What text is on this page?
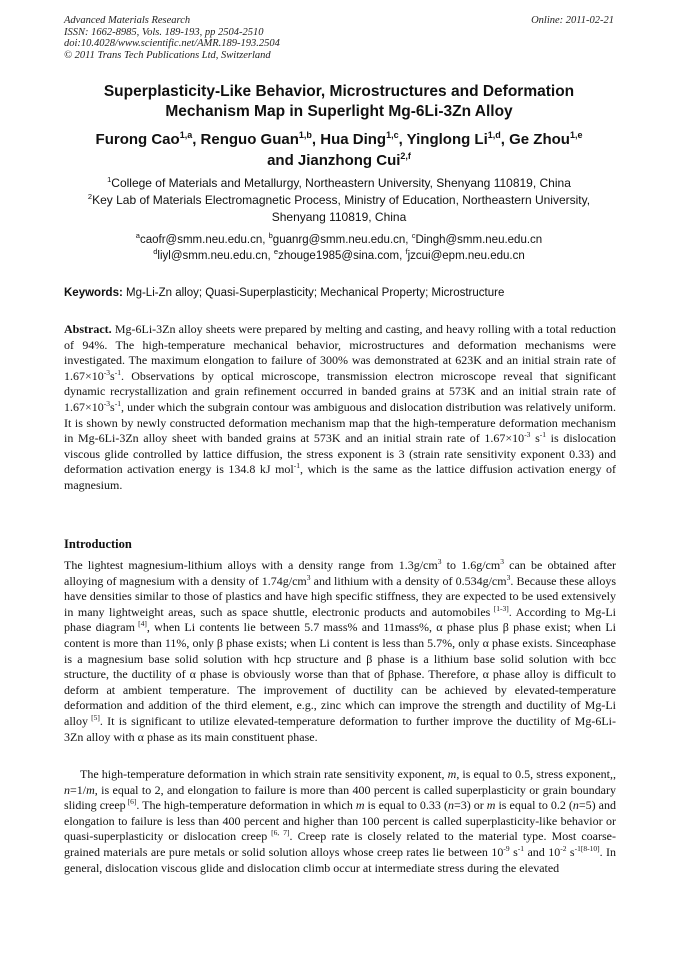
Advanced Materials Research
ISSN: 1662-8985, Vols. 189-193, pp 2504-2510
doi:10.4028/www.scientific.net/AMR.189-193.2504
© 2011 Trans Tech Publications Ltd, Switzerland
Online: 2011-02-21
Superplasticity-Like Behavior, Microstructures and Deformation
Mechanism Map in Superlight Mg-6Li-3Zn Alloy
Furong Cao$^{1,a}$, Renguo Guan$^{1,b}$, Hua Ding$^{1,c}$, Yinglong Li$^{1,d}$, Ge Zhou$^{1,e}$
and Jianzhong Cui$^{2,f}$
$^1$College of Materials and Metallurgy, Northeastern University, Shenyang 110819, China
$^2$Key Lab of Materials Electromagnetic Process, Ministry of Education, Northeastern University,
Shenyang 110819, China
$^a$caofr@smm.neu.edu.cn, $^b$guanrg@smm.neu.edu.cn, $^c$Dingh@smm.neu.edu.cn
$^d$liyl@smm.neu.edu.cn, $^e$zhouge1985@sina.com, $^f$jzcui@epm.neu.edu.cn
Keywords: Mg-Li-Zn alloy; Quasi-Superplasticity; Mechanical Property; Microstructure
Abstract. Mg-6Li-3Zn alloy sheets were prepared by melting and casting, and heavy rolling with a total reduction of 94%. The high-temperature mechanical behavior, microstructures and deformation mechanisms were investigated. The maximum elongation to failure of 300% was demonstrated at 623K and an initial strain rate of $1.67\times 10^{-3}s^{-1}$. Observations by optical microscope, transmission electron microscope reveal that significant dynamic recrystallization and grain refinement occurred in banded grains at 573K and an initial strain rate of $1.67\times 10^{-3}s^{-1}$, under which the subgrain contour was ambiguous and dislocation distribution was relatively uniform. It is shown by newly constructed deformation mechanism map that the high-temperature deformation mechanism in Mg-6Li-3Zn alloy sheet with banded grains at 573K and an initial strain rate of $1.67\times 10^{-3}$ $s^{-1}$ is dislocation viscous glide controlled by lattice diffusion, the stress exponent is 3 (strain rate sensitivity exponent 0.33) and deformation activation energy is 134.8 kJ mol$^{-1}$, which is the same as the lattice diffusion activation energy of magnesium.
Introduction
The lightest magnesium-lithium alloys with a density range from $1.3g/cm^3$ to $1.6g/cm^3$ can be obtained after alloying of magnesium with a density of $1.74g/cm^3$ and lithium with a density of $0.534g/cm^3$. Because these alloys have densities similar to those of plastics and have high specific stiffness, they are expected to be used extensively in many lightweight areas, such as space shuttle, electronic products and automobiles [1-3]. According to Mg-Li phase diagram [4], when Li contents lie between 5.7 mass% and 11mass%, α phase plus β phase exist; when Li content is more than 11%, only β phase exists; when Li content is less than 5.7%, only α phase exists. Sinceαphase is a magnesium base solid solution with hcp structure and β phase is a lithium base solid solution with bcc structure, the ductility of α phase is obviously worse than that of βphase. Therefore, α phase alloy is difficult to deform at ambient temperature. The improvement of ductility can be achieved by elevated-temperature deformation and addition of the third element, e.g., zinc which can improve the strength and ductility of Mg-Li alloy [5]. It is significant to utilize elevated-temperature deformation to further improve the ductility of Mg-6Li-3Zn alloy with α phase as its main constituent phase.
The high-temperature deformation in which strain rate sensitivity exponent, m, is equal to 0.5, stress exponent,, n=1/m, is equal to 2, and elongation to failure is more than 400 percent is called superplasticity or grain boundary sliding creep [6]. The high-temperature deformation in which m is equal to 0.33 (n=3) or m is equal to 0.2 (n=5) and elongation to failure is less than 400 percent and higher than 100 percent is called superplasticity-like behavior or quasi-superplasticity or dislocation creep [6, 7]. Creep rate is closely related to the material type. Most coarse-grained materials are pure metals or solid solution alloys whose creep rates lie between $10^{-9}$ $s^{-1}$ and $10^{-2}$ $s^{-1[8-10]}$. In general, dislocation viscous glide and dislocation climb occur at intermediate stress during the elevated
